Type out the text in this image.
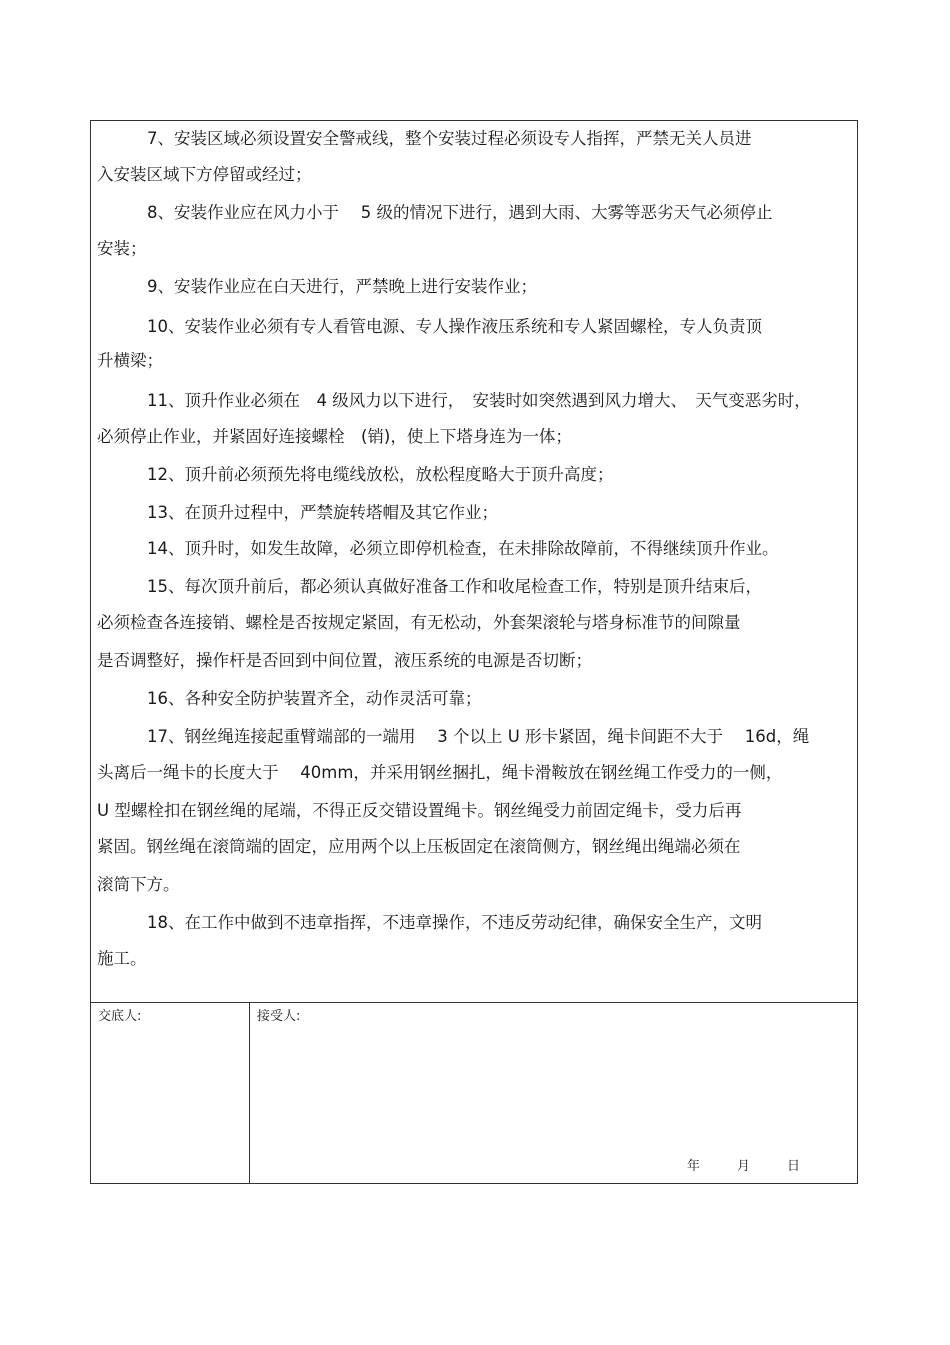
7、安装区域必须设置安全警戒线，整个安装过程必须设专人指挥，严禁无关人员进
入安装区域下方停留或经过；
8、安装作业应在风力小于　 5 级的情况下进行，遇到大雨、大雾等恶劣天气必须停止
安装；
9、安装作业应在白天进行，严禁晚上进行安装作业；
10、安装作业必须有专人看管电源、专人操作液压系统和专人紧固螺栓，专人负责顶
升横梁；
11、顶升作业必须在　4 级风力以下进行，　安装时如突然遇到风力增大、　天气变恶劣时，
必须停止作业，并紧固好连接螺栓　(销)，使上下塔身连为一体；
12、顶升前必须预先将电缆线放松，放松程度略大于顶升高度；
13、在顶升过程中，严禁旋转塔帽及其它作业；
14、顶升时，如发生故障，必须立即停机检查，在未排除故障前，不得继续顶升作业。
15、每次顶升前后，都必须认真做好准备工作和收尾检查工作，特别是顶升结束后，
必须检查各连接销、螺栓是否按规定紧固，有无松动，外套架滚轮与塔身标准节的间隙量
是否调整好，操作杆是否回到中间位置，液压系统的电源是否切断；
16、各种安全防护装置齐全，动作灵活可靠；
17、钢丝绳连接起重臂端部的一端用　 3 个以上 U 形卡紧固，绳卡间距不大于　 16d，绳
头离后一绳卡的长度大于　 40mm，并采用钢丝捆扎，绳卡滑鞍放在钢丝绳工作受力的一侧，
U 型螺栓扣在钢丝绳的尾端，不得正反交错设置绳卡。钢丝绳受力前固定绳卡，受力后再
紧固。钢丝绳在滚筒端的固定，应用两个以上压板固定在滚筒侧方，钢丝绳出绳端必须在
滚筒下方。
18、在工作中做到不违章指挥，不违章操作，不违反劳动纪律，确保安全生产，文明
施工。
交底人:	接受人:
年	月	日
